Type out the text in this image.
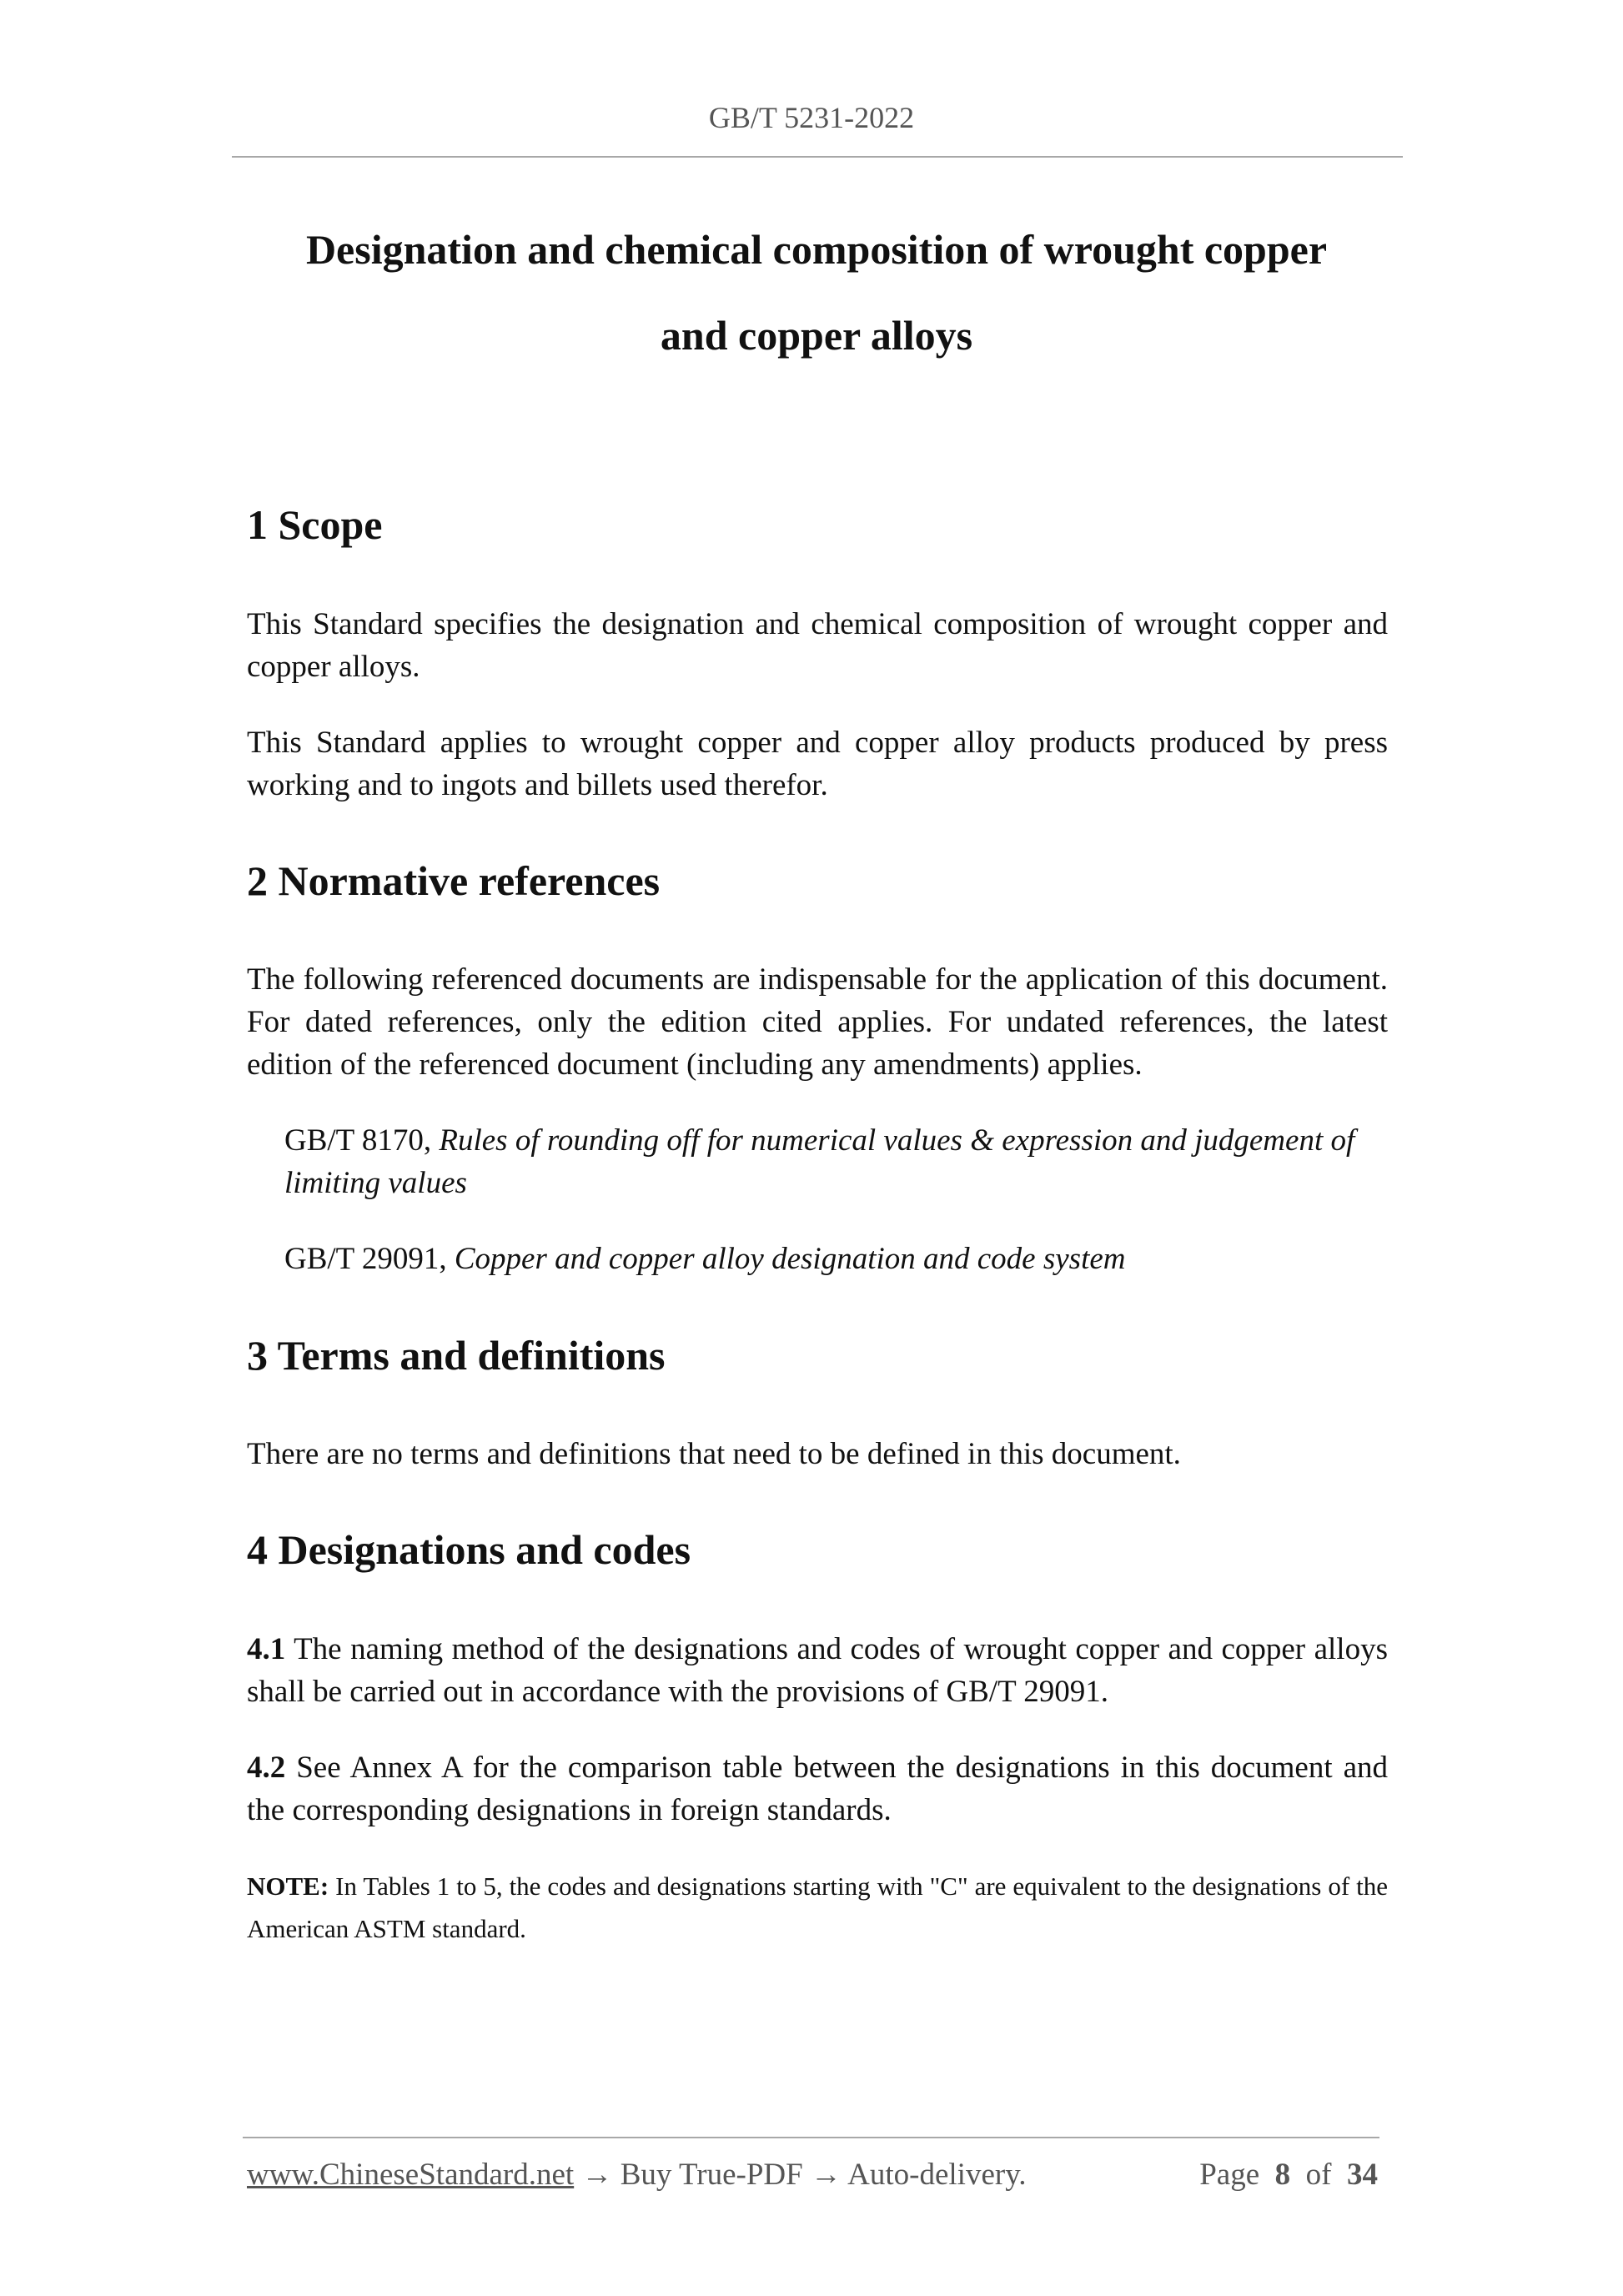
GB/T 5231-2022
Designation and chemical composition of wrought copper
and copper alloys
1 Scope

This Standard specifies the designation and chemical composition of wrought copper and copper alloys.

This Standard applies to wrought copper and copper alloy products produced by press working and to ingots and billets used therefor.

2 Normative references

The following referenced documents are indispensable for the application of this document. For dated references, only the edition cited applies. For undated references, the latest edition of the referenced document (including any amendments) applies.

GB/T 8170, Rules of rounding off for numerical values & expression and judgement of limiting values

GB/T 29091, Copper and copper alloy designation and code system

3 Terms and definitions

There are no terms and definitions that need to be defined in this document.

4 Designations and codes

4.1 The naming method of the designations and codes of wrought copper and copper alloys shall be carried out in accordance with the provisions of GB/T 29091.

4.2 See Annex A for the comparison table between the designations in this document and the corresponding designations in foreign standards.

NOTE: In Tables 1 to 5, the codes and designations starting with "C" are equivalent to the designations of the American ASTM standard.

www.ChineseStandard.net → Buy True-PDF → Auto-delivery.	Page 8 of 34
